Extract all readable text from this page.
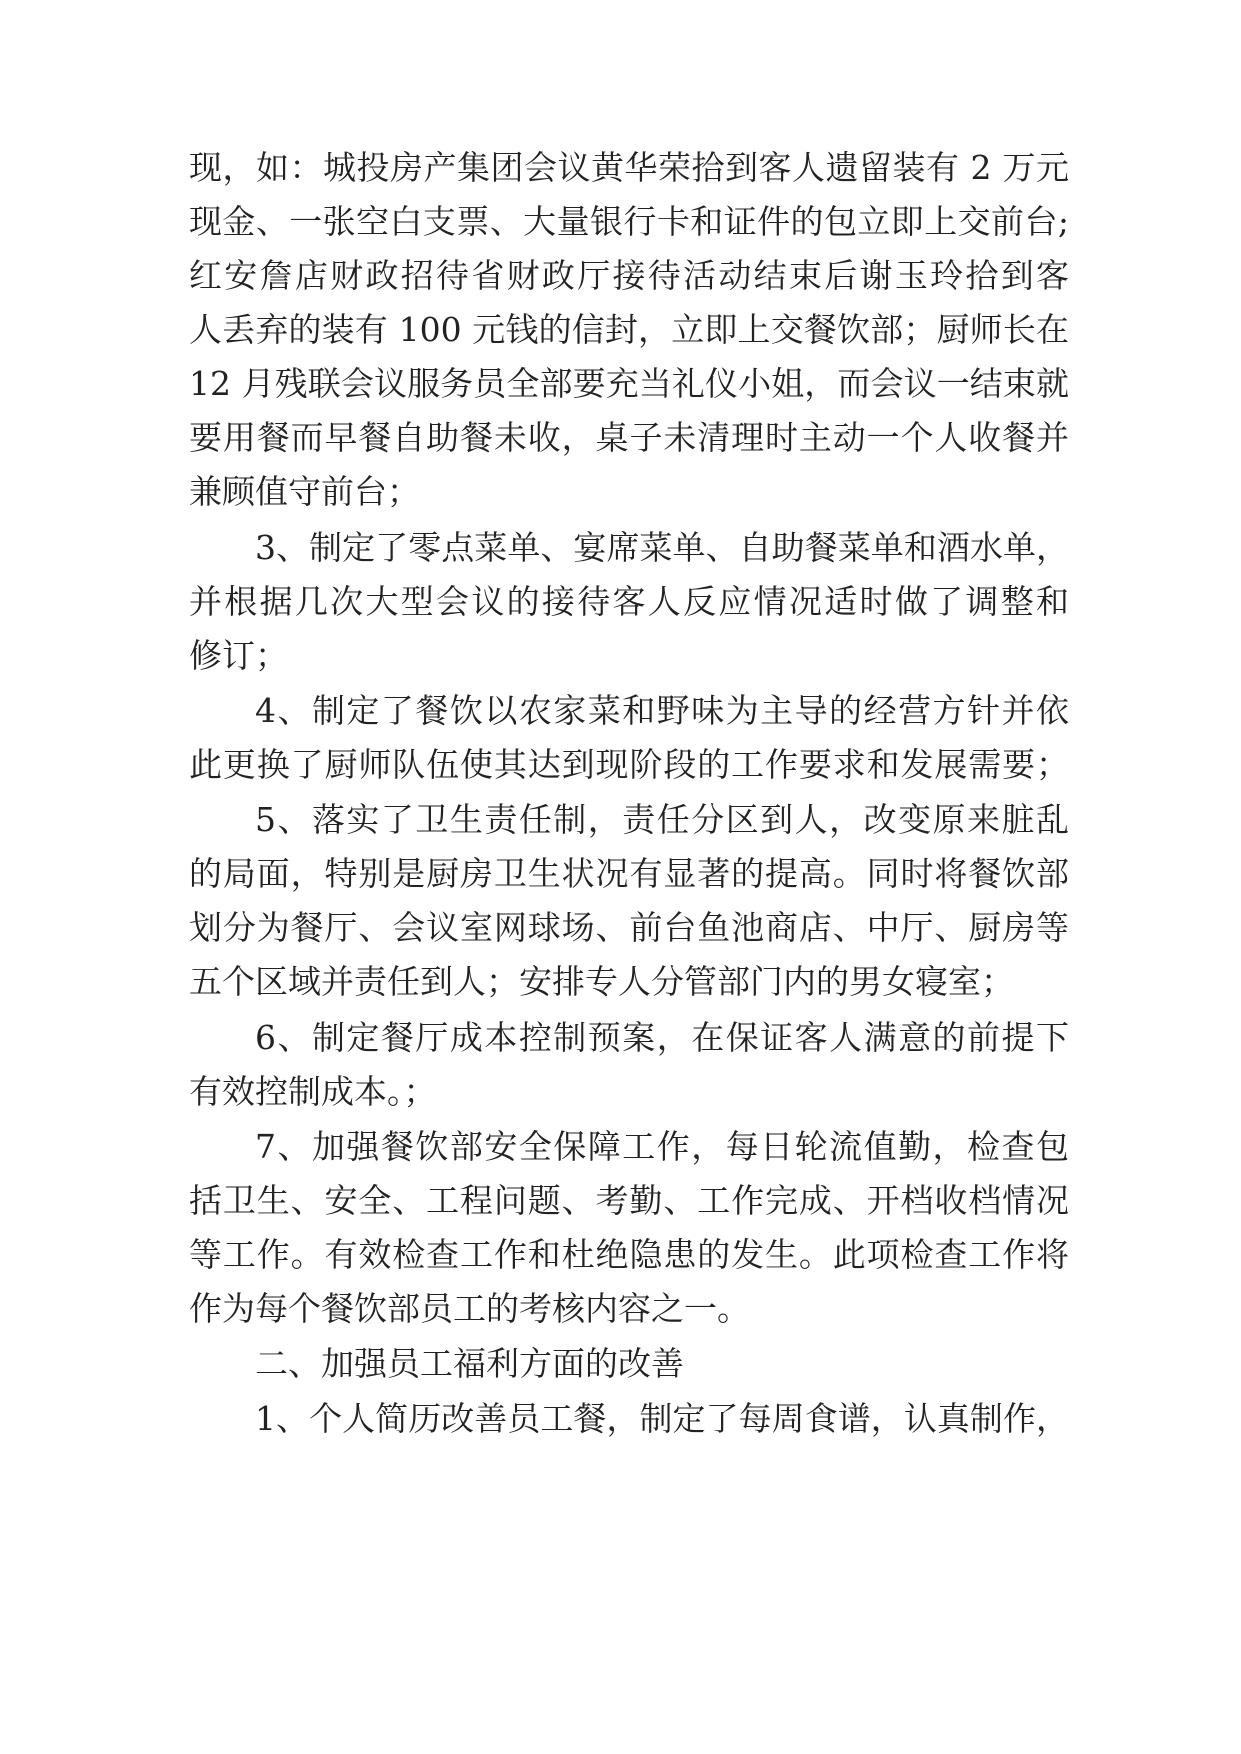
现，如：城投房产集团会议黄华荣拾到客人遗留装有 2 万元
现金、一张空白支票、大量银行卡和证件的包立即上交前台;
红安詹店财政招待省财政厅接待活动结束后谢玉玲拾到客
人丢弃的装有 100 元钱的信封，立即上交餐饮部；厨师长在
12 月残联会议服务员全部要充当礼仪小姐，而会议一结束就
要用餐而早餐自助餐未收，桌子未清理时主动一个人收餐并
兼顾值守前台；
3、制定了零点菜单、宴席菜单、自助餐菜单和酒水单，
并根据几次大型会议的接待客人反应情况适时做了调整和
修订；
4、制定了餐饮以农家菜和野味为主导的经营方针并依
此更换了厨师队伍使其达到现阶段的工作要求和发展需要；
5、落实了卫生责任制，责任分区到人，改变原来脏乱
的局面，特别是厨房卫生状况有显著的提高。同时将餐饮部
划分为餐厅、会议室网球场、前台鱼池商店、中厅、厨房等
五个区域并责任到人；安排专人分管部门内的男女寝室；
6、制定餐厅成本控制预案，在保证客人满意的前提下
有效控制成本。；
7、加强餐饮部安全保障工作，每日轮流值勤，检查包
括卫生、安全、工程问题、考勤、工作完成、开档收档情况
等工作。有效检查工作和杜绝隐患的发生。此项检查工作将
作为每个餐饮部员工的考核内容之一。
二、加强员工福利方面的改善
1、个人简历改善员工餐，制定了每周食谱，认真制作，
